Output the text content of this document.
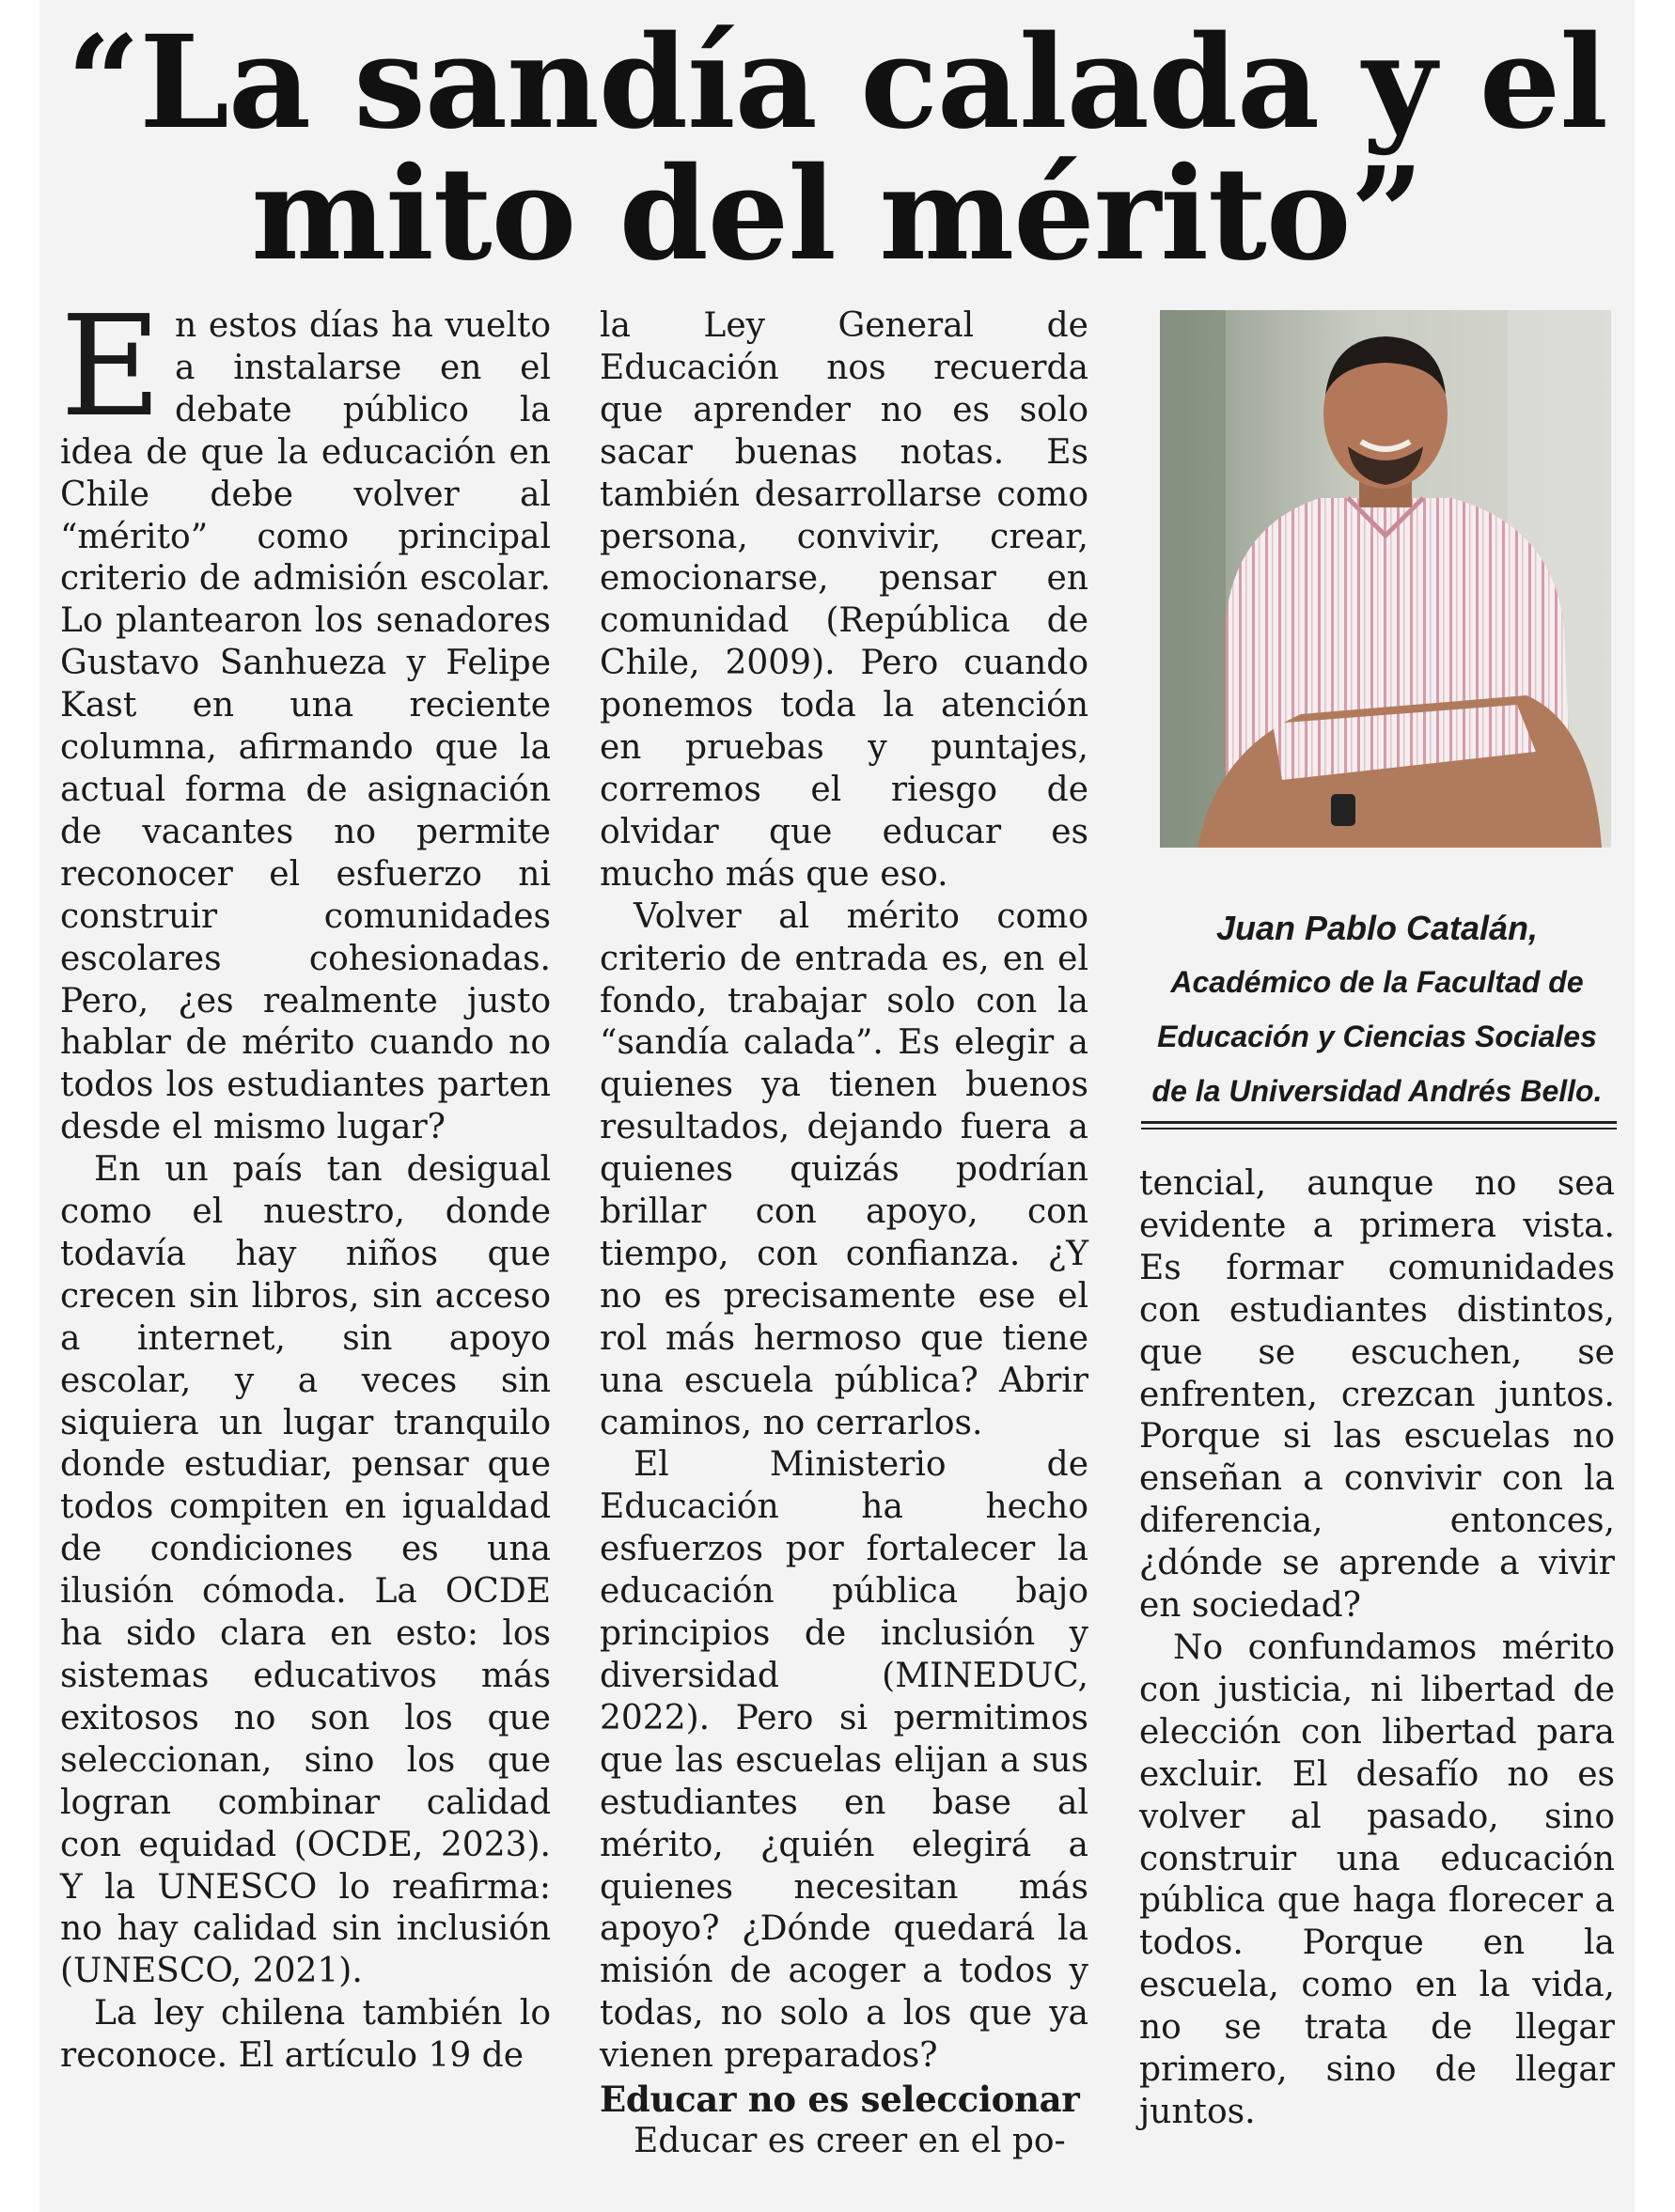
“La sandía calada y el
mito del mérito”

En estos días ha vuelto a instalarse en el debate público la idea de que la educación en Chile debe volver al “mérito” como principal criterio de admisión escolar. Lo plantearon los senadores Gustavo Sanhueza y Felipe Kast en una reciente columna, afirmando que la actual forma de asignación de vacantes no permite reconocer el esfuerzo ni construir comunidades escolares cohesionadas. Pero, ¿es realmente justo hablar de mérito cuando no todos los estudiantes parten desde el mismo lugar?

En un país tan desigual como el nuestro, donde todavía hay niños que crecen sin libros, sin acceso a internet, sin apoyo escolar, y a veces sin siquiera un lugar tranquilo donde estudiar, pensar que todos compiten en igualdad de condiciones es una ilusión cómoda. La OCDE ha sido clara en esto: los sistemas educativos más exitosos no son los que seleccionan, sino los que logran combinar calidad con equidad (OCDE, 2023). Y la UNESCO lo reafirma: no hay calidad sin inclusión (UNESCO, 2021).

La ley chilena también lo reconoce. El artículo 19 de

la Ley General de Educación nos recuerda que aprender no es solo sacar buenas notas. Es también desarrollarse como persona, convivir, crear, emocionarse, pensar en comunidad (República de Chile, 2009). Pero cuando ponemos toda la atención en pruebas y puntajes, corremos el riesgo de olvidar que educar es mucho más que eso.

Volver al mérito como criterio de entrada es, en el fondo, trabajar solo con la “sandía calada”. Es elegir a quienes ya tienen buenos resultados, dejando fuera a quienes quizás podrían brillar con apoyo, con tiempo, con confianza. ¿Y no es precisamente ese el rol más hermoso que tiene una escuela pública? Abrir caminos, no cerrarlos.

El Ministerio de Educación ha hecho esfuerzos por fortalecer la educación pública bajo principios de inclusión y diversidad (MINEDUC, 2022). Pero si permitimos que las escuelas elijan a sus estudiantes en base al mérito, ¿quién elegirá a quienes necesitan más apoyo? ¿Dónde quedará la misión de acoger a todos y todas, no solo a los que ya vienen preparados?

Educar no es seleccionar

Educar es creer en el po-

Juan Pablo Catalán,

Académico de la Facultad de

Educación y Ciencias Sociales

de la Universidad Andrés Bello.

tencial, aunque no sea evidente a primera vista. Es formar comunidades con estudiantes distintos, que se escuchen, se enfrenten, crezcan juntos. Porque si las escuelas no enseñan a convivir con la diferencia, entonces, ¿dónde se aprende a vivir en sociedad?

No confundamos mérito con justicia, ni libertad de elección con libertad para excluir. El desafío no es volver al pasado, sino construir una educación pública que haga florecer a todos. Porque en la escuela, como en la vida, no se trata de llegar primero, sino de llegar juntos.
